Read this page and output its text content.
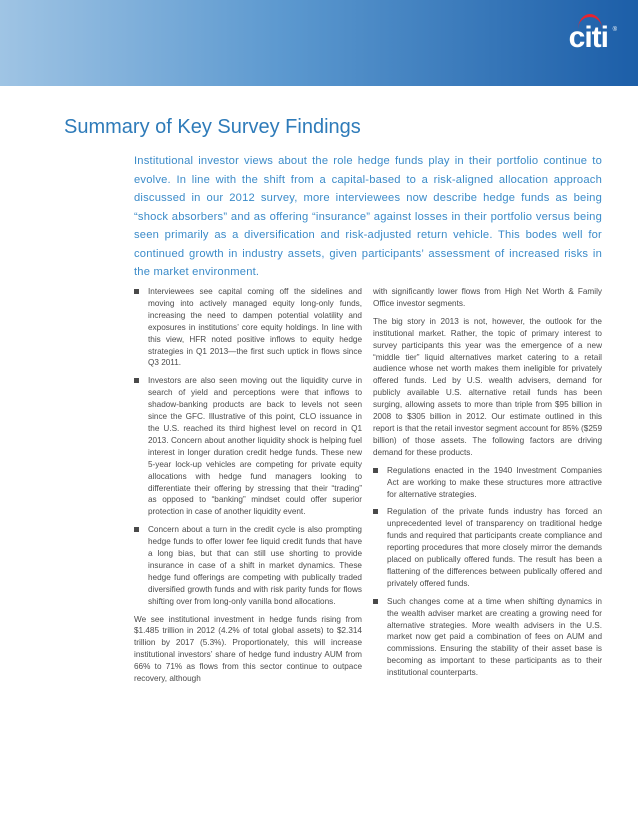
citi ®
Summary of Key Survey Findings

Institutional investor views about the role hedge funds play in their portfolio continue to evolve. In line with the shift from a capital-based to a risk-aligned allocation approach discussed in our 2012 survey, more interviewees now describe hedge funds as being “shock absorbers” and as offering “insurance” against losses in their portfolio versus being seen primarily as a diversification and risk-adjusted return vehicle. This bodes well for continued growth in industry assets, given participants’ assessment of increased risks in the market environment.

Interviewees see capital coming off the sidelines and moving into actively managed equity long-only funds, increasing the need to dampen potential volatility and exposures in institutions’ core equity holdings. In line with this view, HFR noted positive inflows to equity hedge strategies in Q1 2013—the first such uptick in flows since Q3 2011.
Investors are also seen moving out the liquidity curve in search of yield and perceptions were that inflows to shadow-banking products are back to levels not seen since the GFC. Illustrative of this point, CLO issuance in the U.S. reached its third highest level on record in Q1 2013. Concern about another liquidity shock is helping fuel interest in longer duration credit hedge funds. These new 5-year lock-up vehicles are competing for private equity allocations with hedge fund managers looking to differentiate their offering by stressing that their “trading” as opposed to “banking” mindset could offer superior protection in case of another liquidity event.
Concern about a turn in the credit cycle is also prompting hedge funds to offer lower fee liquid credit funds that have a long bias, but that can still use shorting to provide insurance in case of a shift in market dynamics. These hedge fund offerings are competing with publically traded diversified growth funds and with risk parity funds for flows shifting over from long-only vanilla bond allocations.

We see institutional investment in hedge funds rising from $1.485 trillion in 2012 (4.2% of total global assets) to $2.314 trillion by 2017 (5.3%). Proportionately, this will increase institutional investors’ share of hedge fund industry AUM from 66% to 71% as flows from this sector continue to outpace recovery, although

with significantly lower flows from High Net Worth & Family Office investor segments.

The big story in 2013 is not, however, the outlook for the institutional market. Rather, the topic of primary interest to survey participants this year was the emergence of a new “middle tier” liquid alternatives market catering to a retail audience whose net worth makes them ineligible for privately offered funds. Led by U.S. wealth advisers, demand for publicly available U.S. alternative retail funds has been surging, allowing assets to more than triple from $95 billion in 2008 to $305 billion in 2012. Our estimate outlined in this report is that the retail investor segment account for 85% ($259 billion) of those assets. The following factors are driving demand for these products.

Regulations enacted in the 1940 Investment Companies Act are working to make these structures more attractive for alternative strategies.
Regulation of the private funds industry has forced an unprecedented level of transparency on traditional hedge funds and required that participants create compliance and reporting procedures that more closely mirror the demands placed on publically offered funds. The result has been a flattening of the differences between publically offered and privately offered funds.
Such changes come at a time when shifting dynamics in the wealth adviser market are creating a growing need for alternative strategies. More wealth advisers in the U.S. market now get paid a combination of fees on AUM and commissions. Ensuring the stability of their asset base is becoming as important to these participants as to their institutional counterparts.
